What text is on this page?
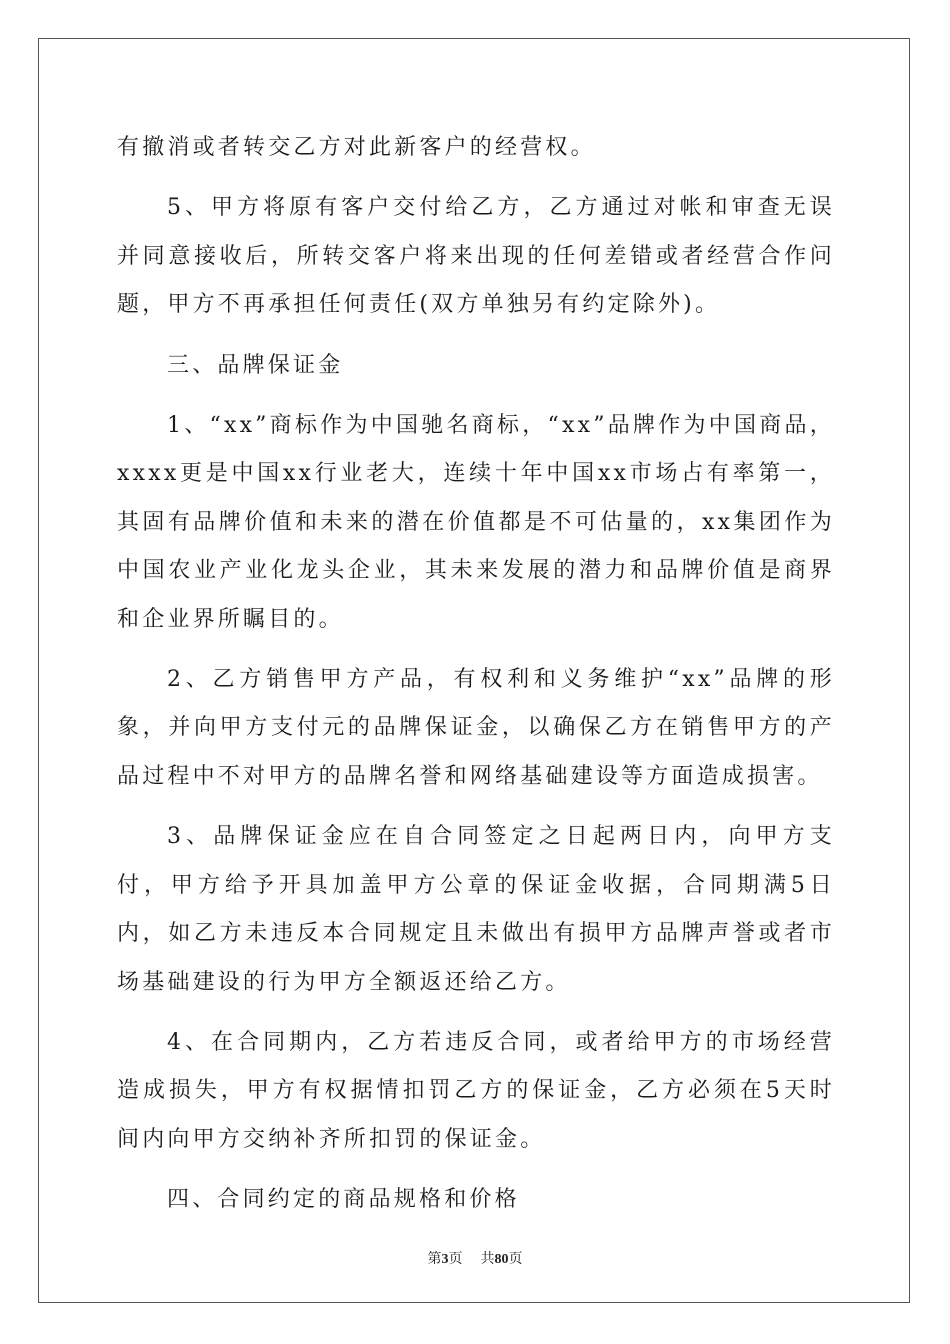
有撤消或者转交乙方对此新客户的经营权。

5、甲方将原有客户交付给乙方，乙方通过对帐和审查无误并同意接收后，所转交客户将来出现的任何差错或者经营合作问题，甲方不再承担任何责任(双方单独另有约定除外)。

三、品牌保证金

1、“xx”商标作为中国驰名商标，“xx”品牌作为中国商品，xxxx更是中国xx行业老大，连续十年中国xx市场占有率第一，其固有品牌价值和未来的潜在价值都是不可估量的，xx集团作为中国农业产业化龙头企业，其未来发展的潜力和品牌价值是商界和企业界所瞩目的。

2、乙方销售甲方产品，有权利和义务维护“xx”品牌的形象，并向甲方支付元的品牌保证金，以确保乙方在销售甲方的产品过程中不对甲方的品牌名誉和网络基础建设等方面造成损害。

3、品牌保证金应在自合同签定之日起两日内，向甲方支付，甲方给予开具加盖甲方公章的保证金收据，合同期满5日内，如乙方未违反本合同规定且未做出有损甲方品牌声誉或者市场基础建设的行为甲方全额返还给乙方。

4、在合同期内，乙方若违反合同，或者给甲方的市场经营造成损失，甲方有权据情扣罚乙方的保证金，乙方必须在5天时间内向甲方交纳补齐所扣罚的保证金。

四、合同约定的商品规格和价格

第3页 共80页
